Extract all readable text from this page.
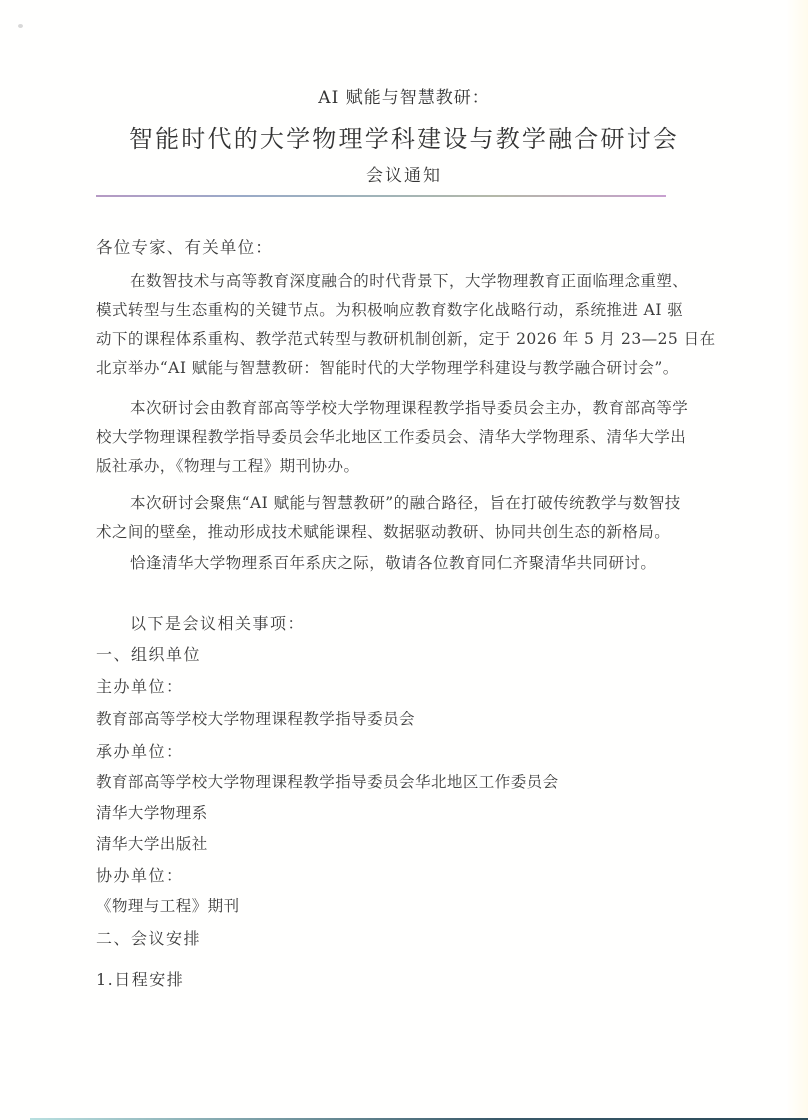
AI 赋能与智慧教研：
智能时代的大学物理学科建设与教学融合研讨会
会议通知
各位专家、有关单位：
在数智技术与高等教育深度融合的时代背景下，大学物理教育正面临理念重塑、
模式转型与生态重构的关键节点。为积极响应教育数字化战略行动，系统推进 AI 驱
动下的课程体系重构、教学范式转型与教研机制创新，定于 2026 年 5 月 23—25 日在
北京举办“AI 赋能与智慧教研：智能时代的大学物理学科建设与教学融合研讨会”。
本次研讨会由教育部高等学校大学物理课程教学指导委员会主办，教育部高等学
校大学物理课程教学指导委员会华北地区工作委员会、清华大学物理系、清华大学出
版社承办，《物理与工程》期刊协办。
本次研讨会聚焦“AI 赋能与智慧教研”的融合路径，旨在打破传统教学与数智技
术之间的壁垒，推动形成技术赋能课程、数据驱动教研、协同共创生态的新格局。
恰逢清华大学物理系百年系庆之际，敬请各位教育同仁齐聚清华共同研讨。
以下是会议相关事项：
一、组织单位
主办单位：
教育部高等学校大学物理课程教学指导委员会
承办单位：
教育部高等学校大学物理课程教学指导委员会华北地区工作委员会
清华大学物理系
清华大学出版社
协办单位：
《物理与工程》期刊
二、会议安排
1.日程安排
